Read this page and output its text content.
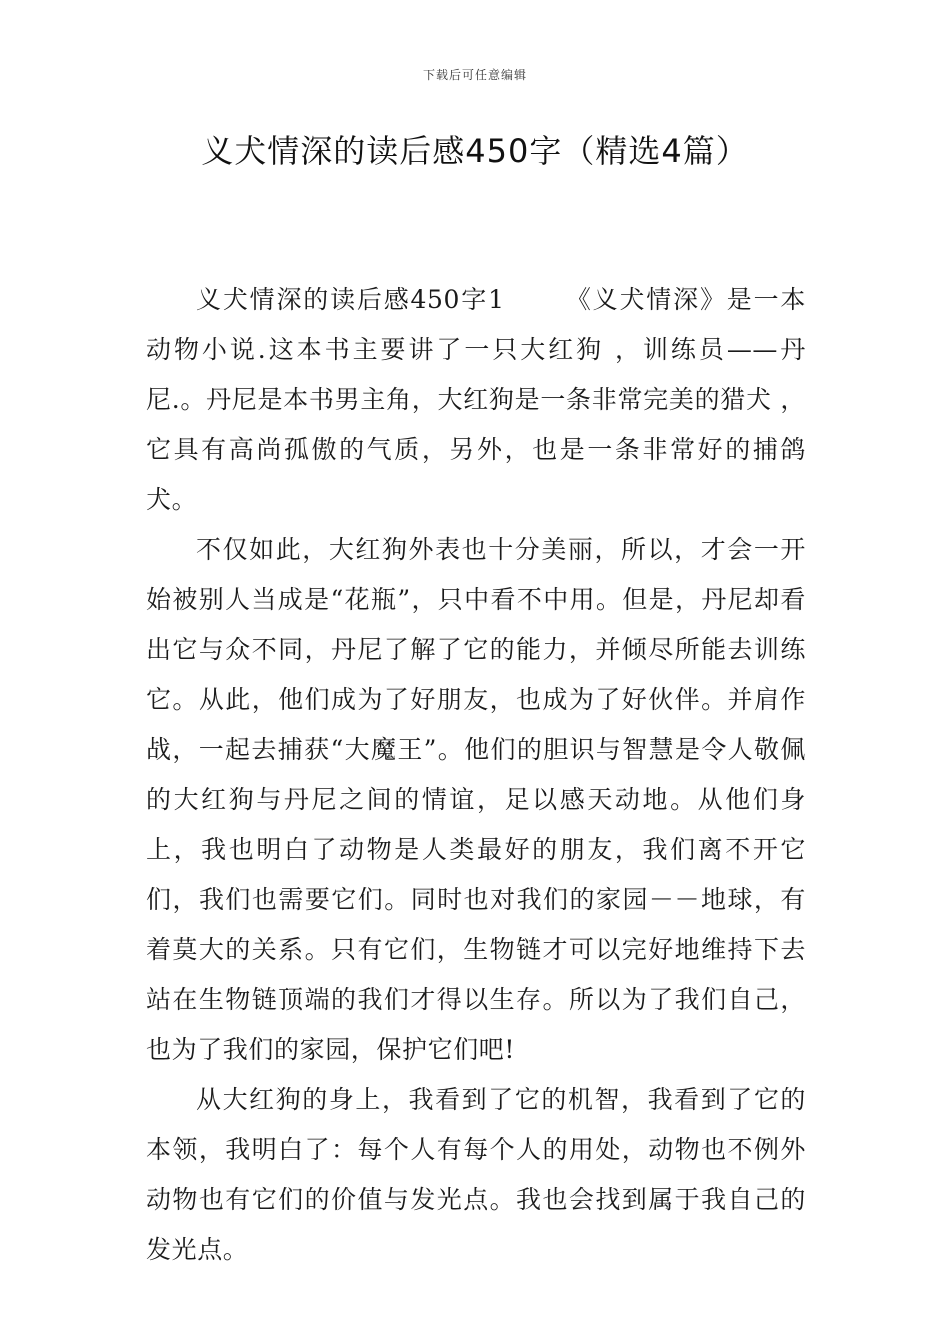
下载后可任意编辑
义犬情深的读后感450字（精选4篇）

义犬情深的读后感450字1 《义犬情深》是一本动物小说.这本书主要讲了一只大红狗 ，训练员——丹尼.。丹尼是本书男主角，大红狗是一条非常完美的猎犬 ，它具有高尚孤傲的气质，另外，也是一条非常好的捕鸽犬。

不仅如此，大红狗外表也十分美丽，所以，才会一开始被别人当成是“花瓶”，只中看不中用。但是，丹尼却看出它与众不同，丹尼了解了它的能力，并倾尽所能去训练它。从此，他们成为了好朋友，也成为了好伙伴。并肩作战，一起去捕获“大魔王”。他们的胆识与智慧是令人敬佩的大红狗与丹尼之间的情谊，足以感天动地。从他们身上，我也明白了动物是人类最好的朋友，我们离不开它们，我们也需要它们。同时也对我们的家园－－地球，有着莫大的关系。只有它们，生物链才可以完好地维持下去站在生物链顶端的我们才得以生存。所以为了我们自己，也为了我们的家园，保护它们吧!

从大红狗的身上，我看到了它的机智，我看到了它的本领，我明白了：每个人有每个人的用处，动物也不例外动物也有它们的价值与发光点。我也会找到属于我自己的发光点。
